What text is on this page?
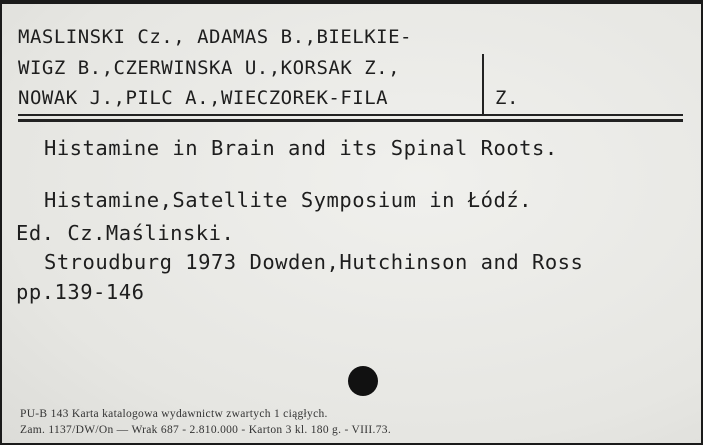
MASLINSKI Cz., ADAMAS B.,BIELKIE-
WIGZ B.,CZERWINSKA U.,KORSAK Z.,
NOWAK J.,PILC A.,WIECZOREK-FILA	Z.
Histamine in Brain and its Spinal Roots.
Histamine,Satellite Symposium in Łódź.
Ed. Cz.Maślinski.
Stroudburg 1973 Dowden,Hutchinson and Ross
pp.139-146
PU-B 143 Karta katalogowa wydawnictw zwartych 1 ciągłych.
Zam. 1137/DW/On — Wrak 687 - 2.810.000 - Karton 3 kl. 180 g. - VIII.73.
